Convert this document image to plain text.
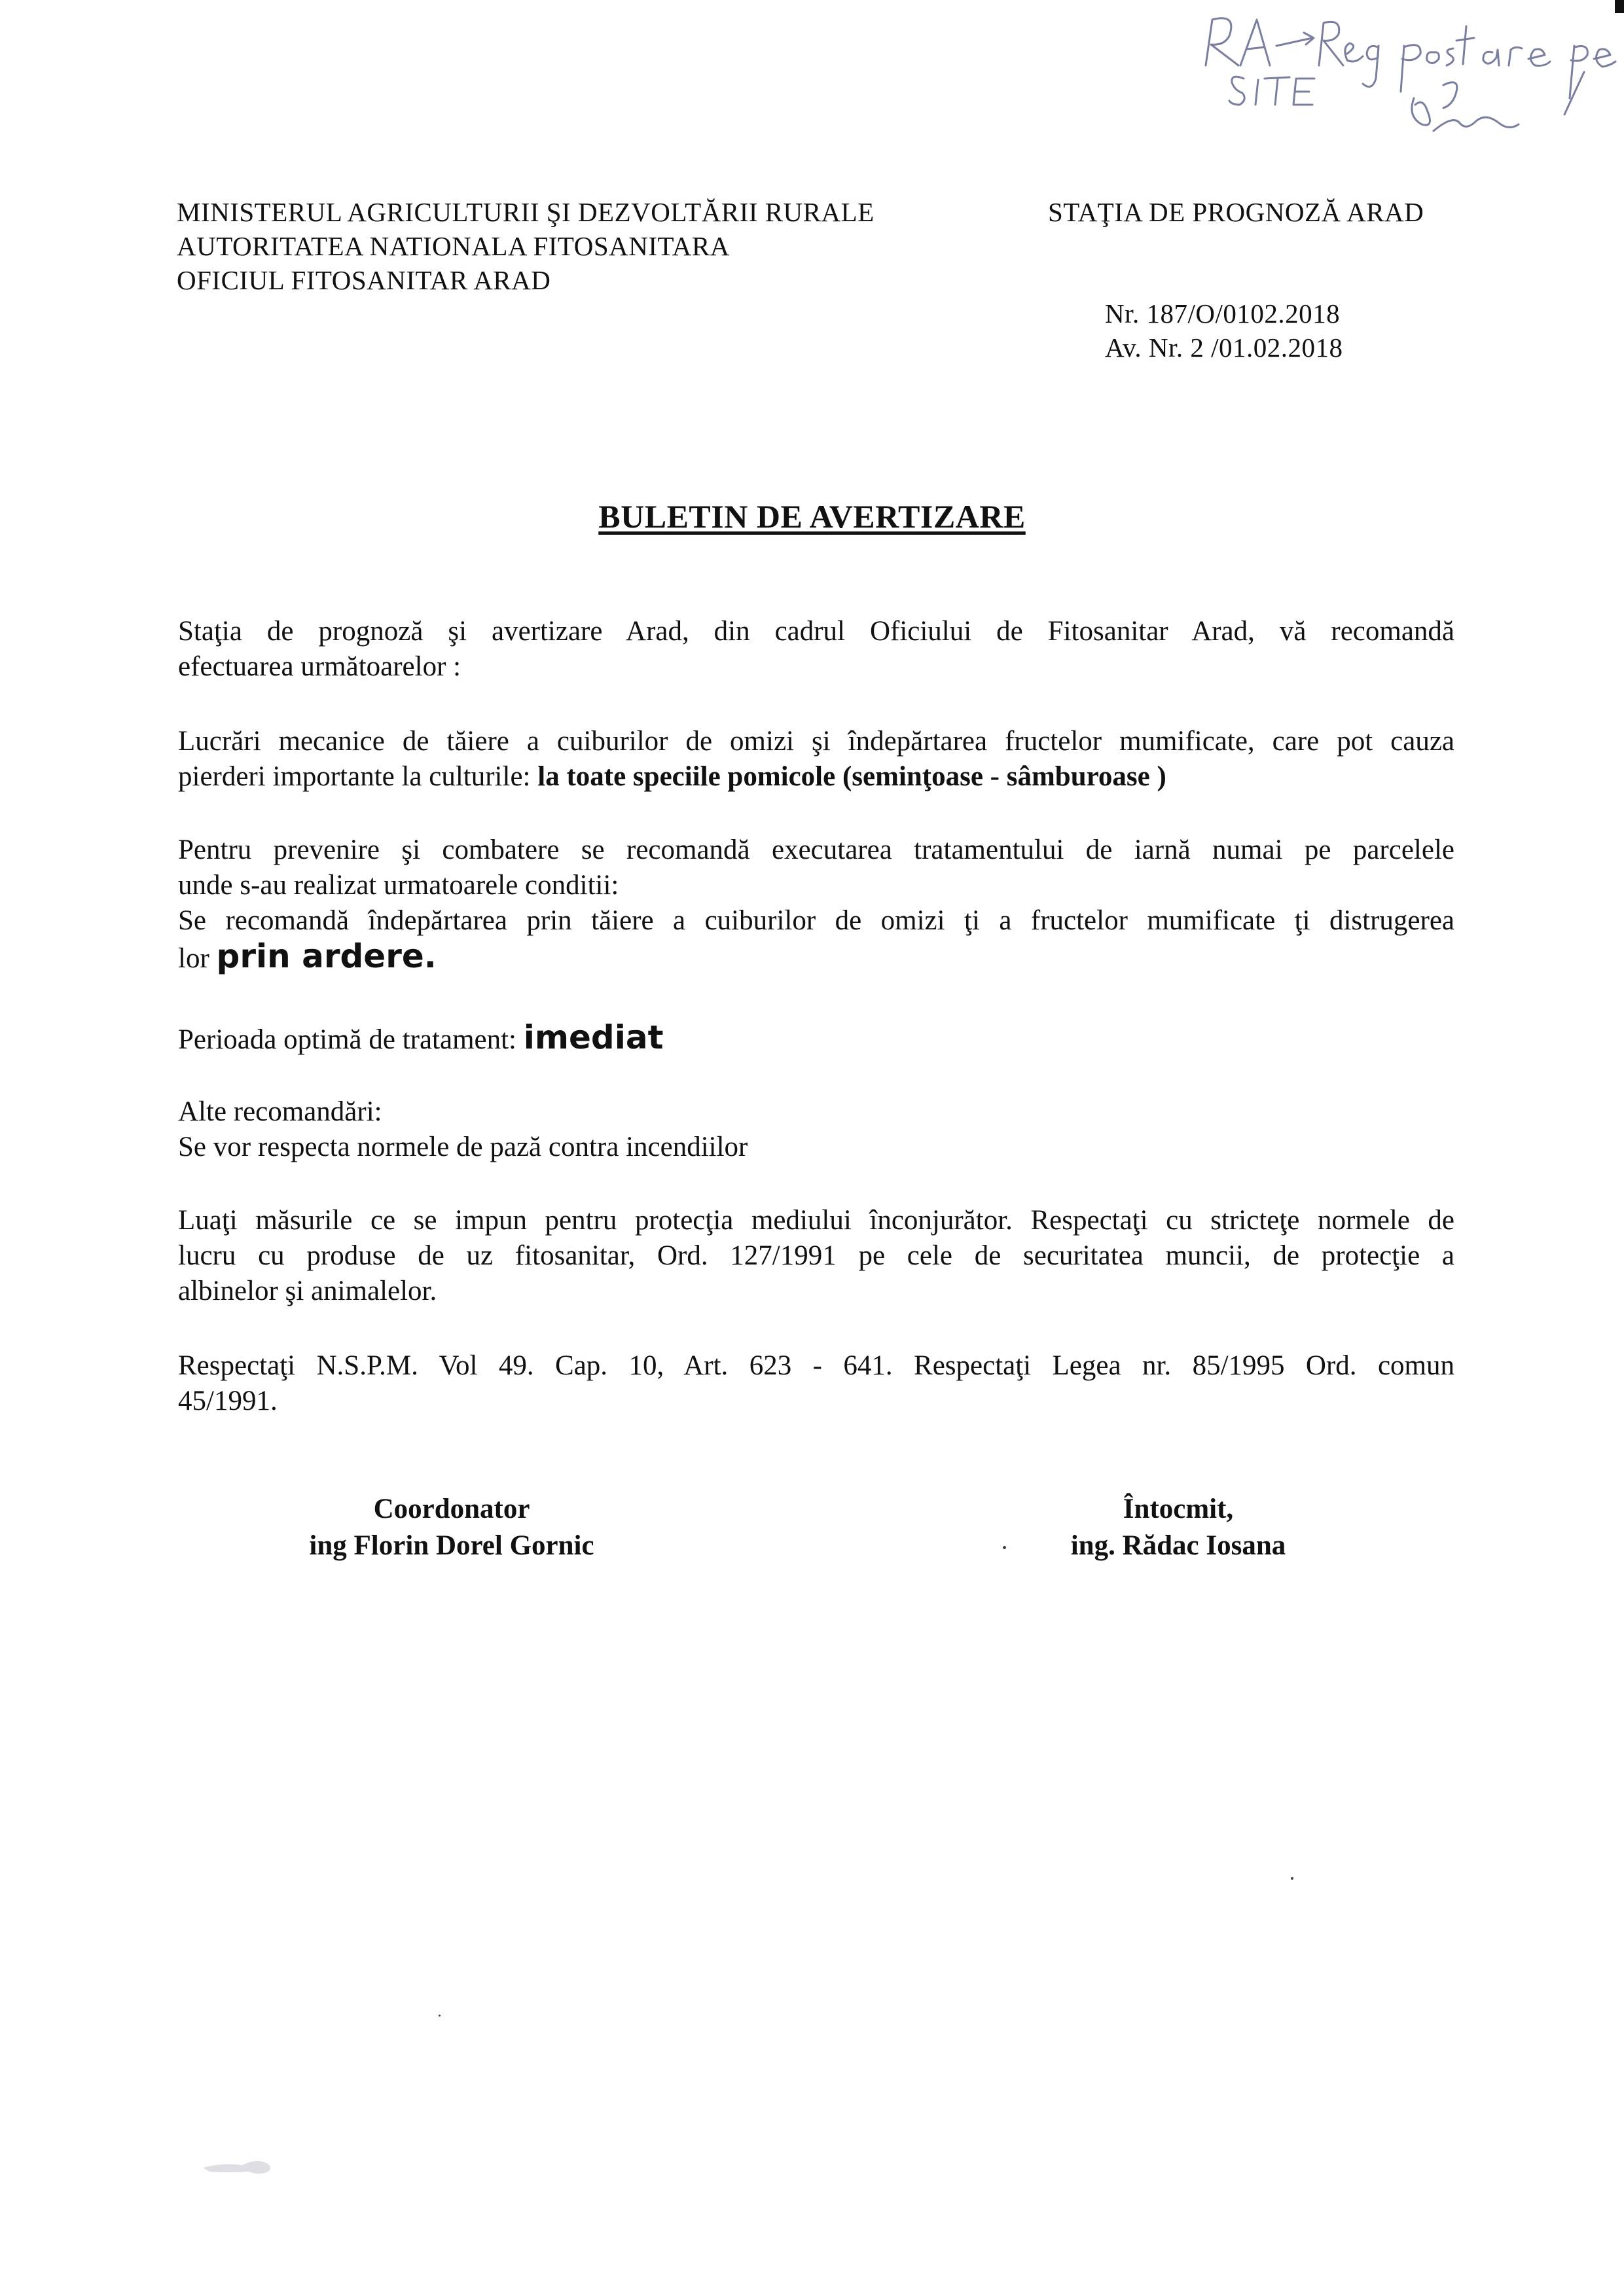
MINISTERUL AGRICULTURII ŞI DEZVOLTĂRII RURALE
AUTORITATEA NATIONALA FITOSANITARA
OFICIUL FITOSANITAR ARAD
STAŢIA DE PROGNOZĂ ARAD
Nr. 187/O/0102.2018
Av. Nr. 2 /01.02.2018
BULETIN DE AVERTIZARE
Staţia de prognoză şi avertizare Arad, din cadrul Oficiului de Fitosanitar Arad, vă recomandă
efectuarea următoarelor :
Lucrări mecanice de tăiere a cuiburilor de omizi şi îndepărtarea fructelor mumificate, care pot cauza
pierderi importante la culturile: la toate speciile pomicole (seminţoase - sâmburoase )
Pentru prevenire şi combatere se recomandă executarea tratamentului de iarnă numai pe parcelele
unde s-au realizat urmatoarele conditii:
Se recomandă îndepărtarea prin tăiere a cuiburilor de omizi ţi a fructelor mumificate ţi distrugerea
lor prin ardere.
Perioada optimă de tratament: imediat
Alte recomandări:
Se vor respecta normele de pază contra incendiilor
Luaţi măsurile ce se impun pentru protecţia mediului înconjurător. Respectaţi cu stricteţe normele de
lucru cu produse de uz fitosanitar, Ord. 127/1991 pe cele de securitatea muncii, de protecţie a
albinelor şi animalelor.
Respectaţi N.S.P.M. Vol 49. Cap. 10, Art. 623 - 641. Respectaţi Legea nr. 85/1995 Ord. comun
45/1991.
Coordonator
ing Florin Dorel Gornic
Întocmit,
ing. Rădac Iosana
